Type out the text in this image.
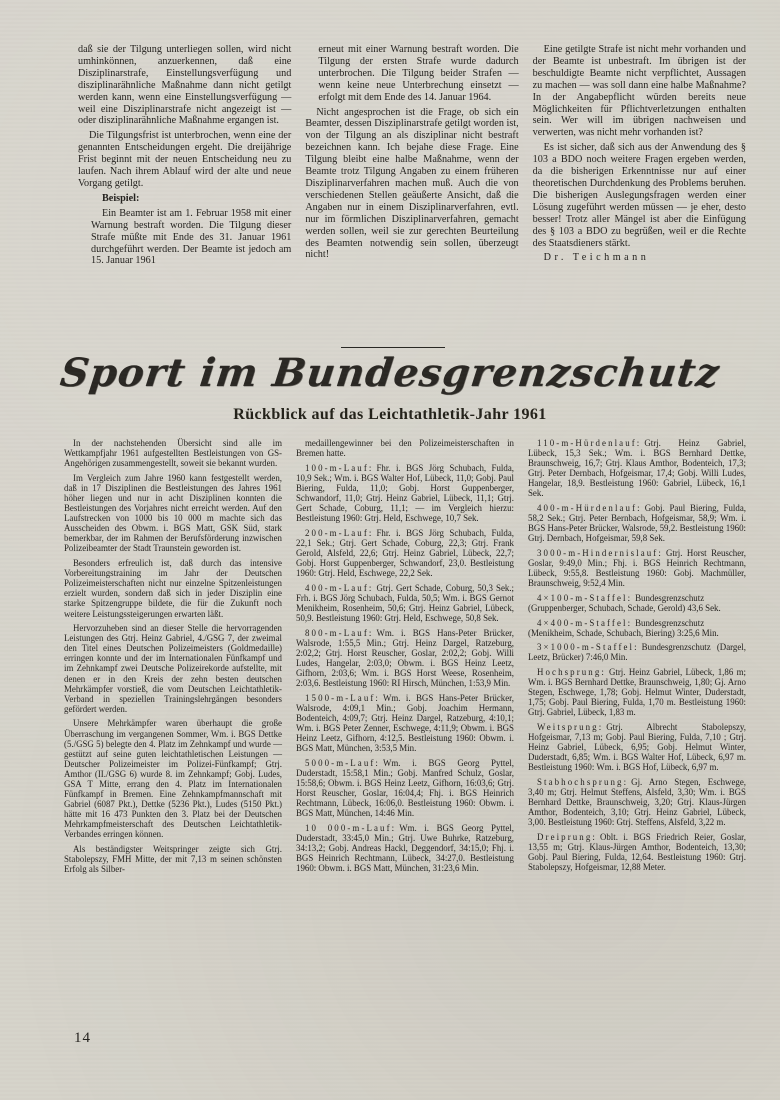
daß sie der Tilgung unterliegen sollen, wird nicht umhinkönnen, anzuerkennen, daß eine Disziplinarstrafe, Einstellungsverfügung und disziplinarähnliche Maßnahme dann nicht getilgt werden kann, wenn eine Einstellungsverfügung — weil eine Disziplinarstrafe nicht angezeigt ist — oder disziplinarähnliche Maßnahme ergangen ist.

Die Tilgungsfrist ist unterbrochen, wenn eine der genannten Entscheidungen ergeht. Die dreijährige Frist beginnt mit der neuen Entscheidung neu zu laufen. Nach ihrem Ablauf wird der alte und neue Vorgang getilgt.

Beispiel:

Ein Beamter ist am 1. Februar 1958 mit einer Warnung bestraft worden. Die Tilgung dieser Strafe müßte mit Ende des 31. Januar 1961 durchgeführt werden. Der Beamte ist jedoch am 15. Januar 1961

erneut mit einer Warnung bestraft worden. Die Tilgung der ersten Strafe wurde dadurch unterbrochen. Die Tilgung beider Strafen — wenn keine neue Unterbrechung einsetzt — erfolgt mit dem Ende des 14. Januar 1964.

Nicht angesprochen ist die Frage, ob sich ein Beamter, dessen Disziplinarstrafe getilgt worden ist, von der Tilgung an als disziplinar nicht bestraft bezeichnen kann. Ich bejahe diese Frage. Eine Tilgung bleibt eine halbe Maßnahme, wenn der Beamte trotz Tilgung Angaben zu einem früheren Disziplinarverfahren machen muß. Auch die von verschiedenen Stellen geäußerte Ansicht, daß die Angaben nur in einem Disziplinarverfahren, evtl. nur im förmlichen Disziplinarverfahren, gemacht werden sollen, weil sie zur gerechten Beurteilung des Beamten notwendig sein sollen, überzeugt nicht!

Eine getilgte Strafe ist nicht mehr vorhanden und der Beamte ist unbestraft. Im übrigen ist der beschuldigte Beamte nicht verpflichtet, Aussagen zu machen — was soll dann eine halbe Maßnahme? In der Angabepflicht würden bereits neue Möglichkeiten für Pflichtverletzungen enthalten sein. Wer will im übrigen nachweisen und verwerten, was nicht mehr vorhanden ist?

Es ist sicher, daß sich aus der Anwendung des § 103 a BDO noch weitere Fragen ergeben werden, da die bisherigen Erkenntnisse nur auf einer theoretischen Durchdenkung des Problems beruhen. Die bisherigen Auslegungsfragen werden einer Lösung zugeführt werden müssen — je eher, desto besser! Trotz aller Mängel ist aber die Einfügung des § 103 a BDO zu begrüßen, weil er die Rechte des Staatsdieners stärkt.

Dr. Teichmann

Sport im Bundesgrenzschutz
Rückblick auf das Leichtathletik-Jahr 1961

In der nachstehenden Übersicht sind alle im Wettkampfjahr 1961 aufgestellten Bestleistungen von GS-Angehörigen zusammengestellt, soweit sie bekannt wurden.

Im Vergleich zum Jahre 1960 kann festgestellt werden, daß in 17 Disziplinen die Bestleistungen des Jahres 1961 höher liegen und nur in acht Disziplinen konnten die Bestleistungen des Vorjahres nicht erreicht werden. Auf den Laufstrecken von 1000 bis 10 000 m machte sich das Ausscheiden des Obwm. i. BGS Matt, GSK Süd, stark bemerkbar, der im Rahmen der Berufsförderung inzwischen Polizeibeamter der Stadt Traunstein geworden ist.

Besonders erfreulich ist, daß durch das intensive Vorbereitungstraining im Jahr der Deutschen Polizeimeisterschaften nicht nur einzelne Spitzenleistungen erzielt wurden, sondern daß sich in jeder Disziplin eine starke Spitzengruppe bildete, die für die Zukunft noch weitere Leistungssteigerungen erwarten läßt.

Hervorzuheben sind an dieser Stelle die hervorragenden Leistungen des Gtrj. Heinz Gabriel, 4./GSG 7, der zweimal den Titel eines Deutschen Polizeimeisters (Goldmedaille) erringen konnte und der im Internationalen Fünfkampf und im Zehnkampf zwei Deutsche Polizeirekorde aufstellte, mit denen er in den Kreis der zehn besten deutschen Mehrkämpfer vorstieß, die vom Deutschen Leichtathletik-Verband in speziellen Trainingslehrgängen besonders gefördert werden.

Unsere Mehrkämpfer waren überhaupt die große Überraschung im vergangenen Sommer, Wm. i. BGS Dettke (5./GSG 5) belegte den 4. Platz im Zehnkampf und wurde — gestützt auf seine guten leichtathletischen Leistungen — Deutscher Polizeimeister im Polizei-Fünfkampf; Gtrj. Amthor (II./GSG 6) wurde 8. im Zehnkampf; Gobj. Ludes, GSA T Mitte, errang den 4. Platz im Internationalen Fünfkampf in Bremen. Eine Zehnkampfmannschaft mit Gabriel (6087 Pkt.), Dettke (5236 Pkt.), Ludes (5150 Pkt.) hätte mit 16 473 Punkten den 3. Platz bei der Deutschen Mehrkampfmeisterschaft des Deutschen Leichtathletik-Verbandes erringen können.

Als beständigster Weitspringer zeigte sich Gtrj. Stabolepszy, FMH Mitte, der mit 7,13 m seinen schönsten Erfolg als Silber-

medaillengewinner bei den Polizeimeisterschaften in Bremen hatte.

100-m-Lauf: Fhr. i. BGS Jörg Schubach, Fulda, 10,9 Sek.; Wm. i. BGS Walter Hof, Lübeck, 11,0; Gobj. Paul Biering, Fulda, 11,0; Gobj. Horst Guppenberger, Schwandorf, 11,0; Gtrj. Heinz Gabriel, Lübeck, 11,1; Gtrj. Gert Schade, Coburg, 11,1; — im Vergleich hierzu: Bestleistung 1960: Gtrj. Held, Eschwege, 10,7 Sek.

200-m-Lauf: Fhr. i. BGS Jörg Schubach, Fulda, 22,1 Sek.; Gtrj. Gert Schade, Coburg, 22,3; Gtrj. Frank Gerold, Alsfeld, 22,6; Gtrj. Heinz Gabriel, Lübeck, 22,7; Gobj. Horst Guppenberger, Schwandorf, 23,0. Bestleistung 1960: Gtrj. Held, Eschwege, 22,2 Sek.

400-m-Lauf: Gtrj. Gert Schade, Coburg, 50,3 Sek.; Frh. i. BGS Jörg Schubach, Fulda, 50,5; Wm. i. BGS Gernot Menikheim, Rosenheim, 50,6; Gtrj. Heinz Gabriel, Lübeck, 50,9. Bestleistung 1960: Gtrj. Held, Eschwege, 50,8 Sek.

800-m-Lauf: Wm. i. BGS Hans-Peter Brücker, Walsrode, 1:55,5 Min.; Gtrj. Heinz Dargel, Ratzeburg, 2:02,2; Gtrj. Horst Reuscher, Goslar, 2:02,2; Gobj. Willi Ludes, Hangelar, 2:03,0; Obwm. i. BGS Heinz Leetz, Gifhorn, 2:03,6; Wm. i. BGS Horst Weese, Rosenheim, 2:03,6. Bestleistung 1960: RI Hirsch, München, 1:53,9 Min.

1500-m-Lauf: Wm. i. BGS Hans-Peter Brücker, Walsrode, 4:09,1 Min.; Gobj. Joachim Hermann, Bodenteich, 4:09,7; Gtrj. Heinz Dargel, Ratzeburg, 4:10,1; Wm. i. BGS Peter Zenner, Eschwege, 4:11,9; Obwm. i. BGS Heinz Leetz, Gifhorn, 4:12,5. Bestleistung 1960: Obwm. i. BGS Matt, München, 3:53,5 Min.

5000-m-Lauf: Wm. i. BGS Georg Pyttel, Duderstadt, 15:58,1 Min.; Gobj. Manfred Schulz, Goslar, 15:58,6; Obwm. i. BGS Heinz Leetz, Gifhorn, 16:03,6; Gtrj. Horst Reuscher, Goslar, 16:04,4; Fhj. i. BGS Heinrich Rechtmann, Lübeck, 16:06,0. Bestleistung 1960: Obwm. i. BGS Matt, München, 14:46 Min.

10 000-m-Lauf: Wm. i. BGS Georg Pyttel, Duderstadt, 33:45,0 Min.; Gtrj. Uwe Buhrke, Ratzeburg, 34:13,2; Gobj. Andreas Hackl, Deggendorf, 34:15,0; Fhj. i. BGS Heinrich Rechtmann, Lübeck, 34:27,0. Bestleistung 1960: Obwm. i. BGS Matt, München, 31:23,6 Min.

110-m-Hürdenlauf: Gtrj. Heinz Gabriel, Lübeck, 15,3 Sek.; Wm. i. BGS Bernhard Dettke, Braunschweig, 16,7; Gtrj. Klaus Amthor, Bodenteich, 17,3; Gtrj. Peter Dernbach, Hofgeismar, 17,4; Gobj. Willi Ludes, Hangelar, 18,9. Bestleistung 1960: Gabriel, Lübeck, 16,1 Sek.

400-m-Hürdenlauf: Gobj. Paul Biering, Fulda, 58,2 Sek.; Gtrj. Peter Bernbach, Hofgeismar, 58,9; Wm. i. BGS Hans-Peter Brücker, Walsrode, 59,2. Bestleistung 1960: Gtrj. Dernbach, Hofgeismar, 59,8 Sek.

3000-m-Hindernislauf: Gtrj. Horst Reuscher, Goslar, 9:49,0 Min.; Fhj. i. BGS Heinrich Rechtmann, Lübeck, 9:55,8. Bestleistung 1960: Gobj. Machmüller, Braunschweig, 9:52,4 Min.

4×100-m-Staffel: Bundesgrenzschutz (Gruppenberger, Schubach, Schade, Gerold) 43,6 Sek.

4×400-m-Staffel: Bundesgrenzschutz (Menikheim, Schade, Schubach, Biering) 3:25,6 Min.

3×1000-m-Staffel: Bundesgrenzschutz (Dargel, Leetz, Brücker) 7:46,0 Min.

Hochsprung: Gtrj. Heinz Gabriel, Lübeck, 1,86 m; Wm. i. BGS Bernhard Dettke, Braunschweig, 1,80; Gj. Arno Stegen, Eschwege, 1,78; Gobj. Helmut Winter, Duderstadt, 1,75; Gobj. Paul Biering, Fulda, 1,70 m. Bestleistung 1960: Gtrj. Gabriel, Lübeck, 1,83 m.

Weitsprung: Gtrj. Albrecht Stabolepszy, Hofgeismar, 7,13 m; Gobj. Paul Biering, Fulda, 7,10 ; Gtrj. Heinz Gabriel, Lübeck, 6,95; Gobj. Helmut Winter, Duderstadt, 6,85; Wm. i. BGS Walter Hof, Lübeck, 6,97 m. Bestleistung 1960: Wm. i. BGS Hof, Lübeck, 6,97 m.

Stabhochsprung: Gj. Arno Stegen, Eschwege, 3,40 m; Gtrj. Helmut Steffens, Alsfeld, 3,30; Wm. i. BGS Bernhard Dettke, Braunschweig, 3,20; Gtrj. Klaus-Jürgen Amthor, Bodenteich, 3,10; Gtrj. Heinz Gabriel, Lübeck, 3,00. Bestleistung 1960: Gtrj. Steffens, Alsfeld, 3,22 m.

Dreiprung: Oblt. i. BGS Friedrich Reier, Goslar, 13,55 m; Gtrj. Klaus-Jürgen Amthor, Bodenteich, 13,30; Gobj. Paul Biering, Fulda, 12,64. Bestleistung 1960: Gtrj. Stabolepszy, Hofgeismar, 12,88 Meter.

14
